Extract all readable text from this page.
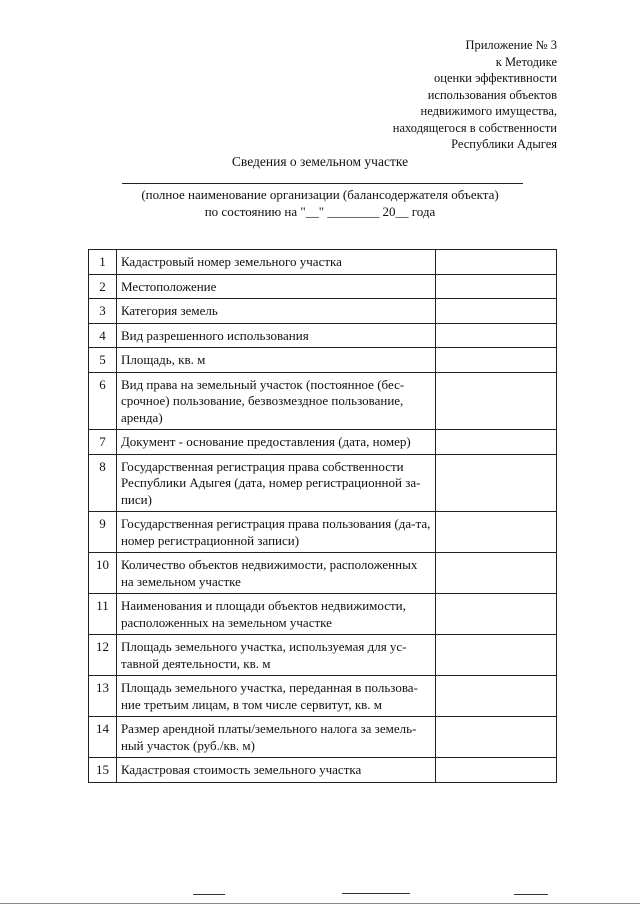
Приложение № 3
к Методике
оценки эффективности
использования объектов
недвижимого имущества,
находящегося в собственности
Республики Адыгея
Сведения о земельном участке
(полное наименование организации (балансодержателя объекта)
по состоянию на "__" ________ 20__ года
1	Кадастровый номер земельного участка	
2	Местоположение	
3	Категория земель	
4	Вид разрешенного использования	
5	Площадь, кв. м	
6	Вид права на земельный участок (постоянное (бес-срочное) пользование, безвозмездное пользование, аренда)	
7	Документ - основание предоставления (дата, номер)	
8	Государственная регистрация права собственности Республики Адыгея (дата, номер регистрационной за-писи)	
9	Государственная регистрация права пользования (да-та, номер регистрационной записи)	
10	Количество объектов недвижимости, расположенных на земельном участке	
11	Наименования и площади объектов недвижимости, расположенных на земельном участке	
12	Площадь земельного участка, используемая для ус-тавной деятельности, кв. м	
13	Площадь земельного участка, переданная в пользова-ние третьим лицам, в том числе сервитут, кв. м	
14	Размер арендной платы/земельного налога за земель-ный участок (руб./кв. м)	
15	Кадастровая стоимость земельного участка	
